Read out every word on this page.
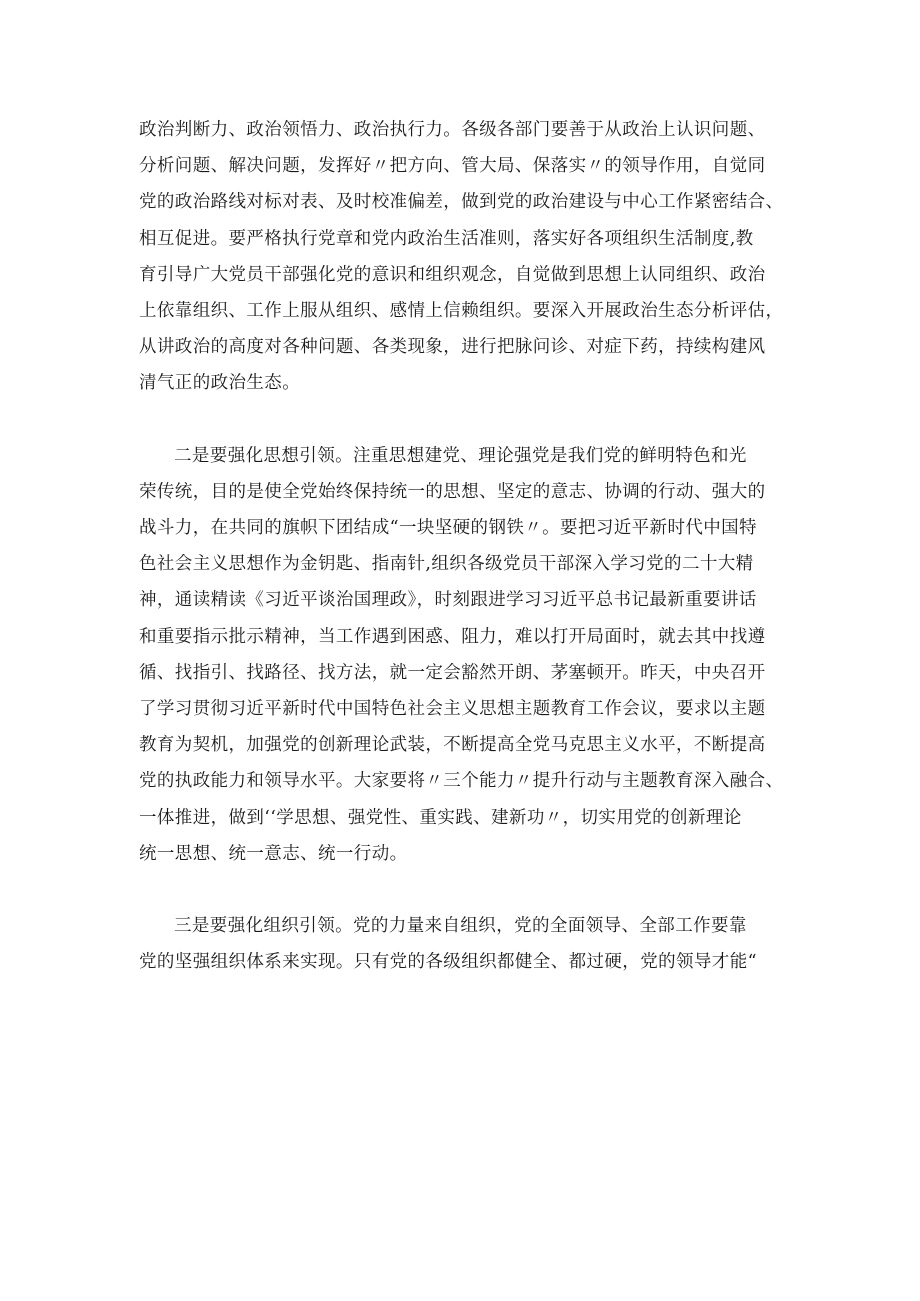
政治判断力、政治领悟力、政治执行力。各级各部门要善于从政治上认识问题、
分析问题、解决问题，发挥好〃把方向、管大局、保落实〃的领导作用，自觉同
党的政治路线对标对表、及时校准偏差，做到党的政治建设与中心工作紧密结合、
相互促进。要严格执行党章和党内政治生活准则，落实好各项组织生活制度,教
育引导广大党员干部强化党的意识和组织观念，自觉做到思想上认同组织、政治
上依靠组织、工作上服从组织、感情上信赖组织。要深入开展政治生态分析评估，
从讲政治的高度对各种问题、各类现象，进行把脉问诊、对症下药，持续构建风
清气正的政治生态。
二是要强化思想引领。注重思想建党、理论强党是我们党的鲜明特色和光
荣传统，目的是使全党始终保持统一的思想、坚定的意志、协调的行动、强大的
战斗力，在共同的旗帜下团结成“一块坚硬的钢铁〃。要把习近平新时代中国特
色社会主义思想作为金钥匙、指南针,组织各级党员干部深入学习党的二十大精
神，通读精读《习近平谈治国理政》，时刻跟进学习习近平总书记最新重要讲话
和重要指示批示精神，当工作遇到困惑、阻力，难以打开局面时，就去其中找遵
循、找指引、找路径、找方法，就一定会豁然开朗、茅塞顿开。昨天，中央召开
了学习贯彻习近平新时代中国特色社会主义思想主题教育工作会议，要求以主题
教育为契机，加强党的创新理论武装，不断提高全党马克思主义水平，不断提高
党的执政能力和领导水平。大家要将〃三个能力〃提升行动与主题教育深入融合、
一体推进，做到‘‘学思想、强党性、重实践、建新功〃，切实用党的创新理论
统一思想、统一意志、统一行动。
三是要强化组织引领。党的力量来自组织，党的全面领导、全部工作要靠
党的坚强组织体系来实现。只有党的各级组织都健全、都过硬，党的领导才能“
